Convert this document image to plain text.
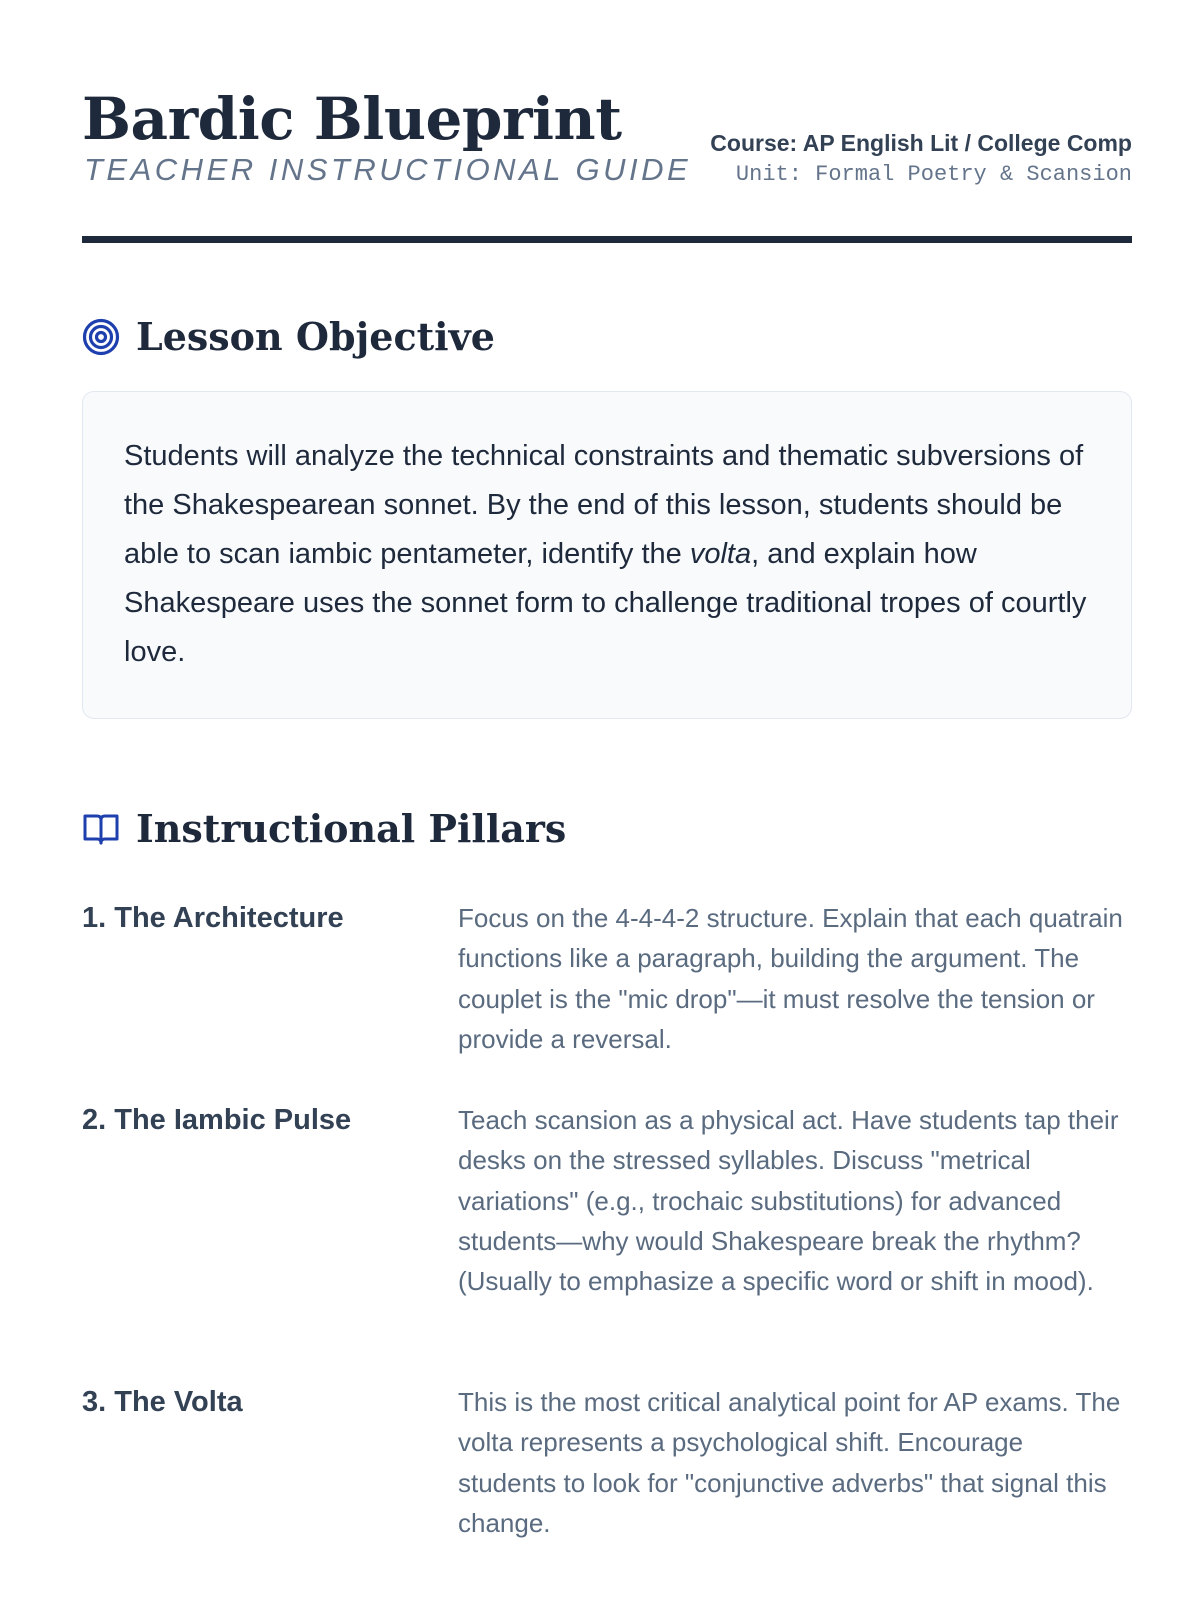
Bardic Blueprint
TEACHER INSTRUCTIONAL GUIDE
Course: AP English Lit / College Comp
Unit: Formal Poetry & Scansion
Lesson Objective

Students will analyze the technical constraints and thematic subversions of the Shakespearean sonnet. By the end of this lesson, students should be able to scan iambic pentameter, identify the volta, and explain how Shakespeare uses the sonnet form to challenge traditional tropes of courtly love.

Instructional Pillars
1. The Architecture	Focus on the 4-4-4-2 structure. Explain that each quatrain functions like a paragraph, building the argument. The couplet is the "mic drop"—it must resolve the tension or provide a reversal.

2. The Iambic Pulse	Teach scansion as a physical act. Have students tap their desks on the stressed syllables. Discuss "metrical variations" (e.g., trochaic substitutions) for advanced students—why would Shakespeare break the rhythm? (Usually to emphasize a specific word or shift in mood).

3. The Volta	This is the most critical analytical point for AP exams. The volta represents a psychological shift. Encourage students to look for "conjunctive adverbs" that signal this change.
